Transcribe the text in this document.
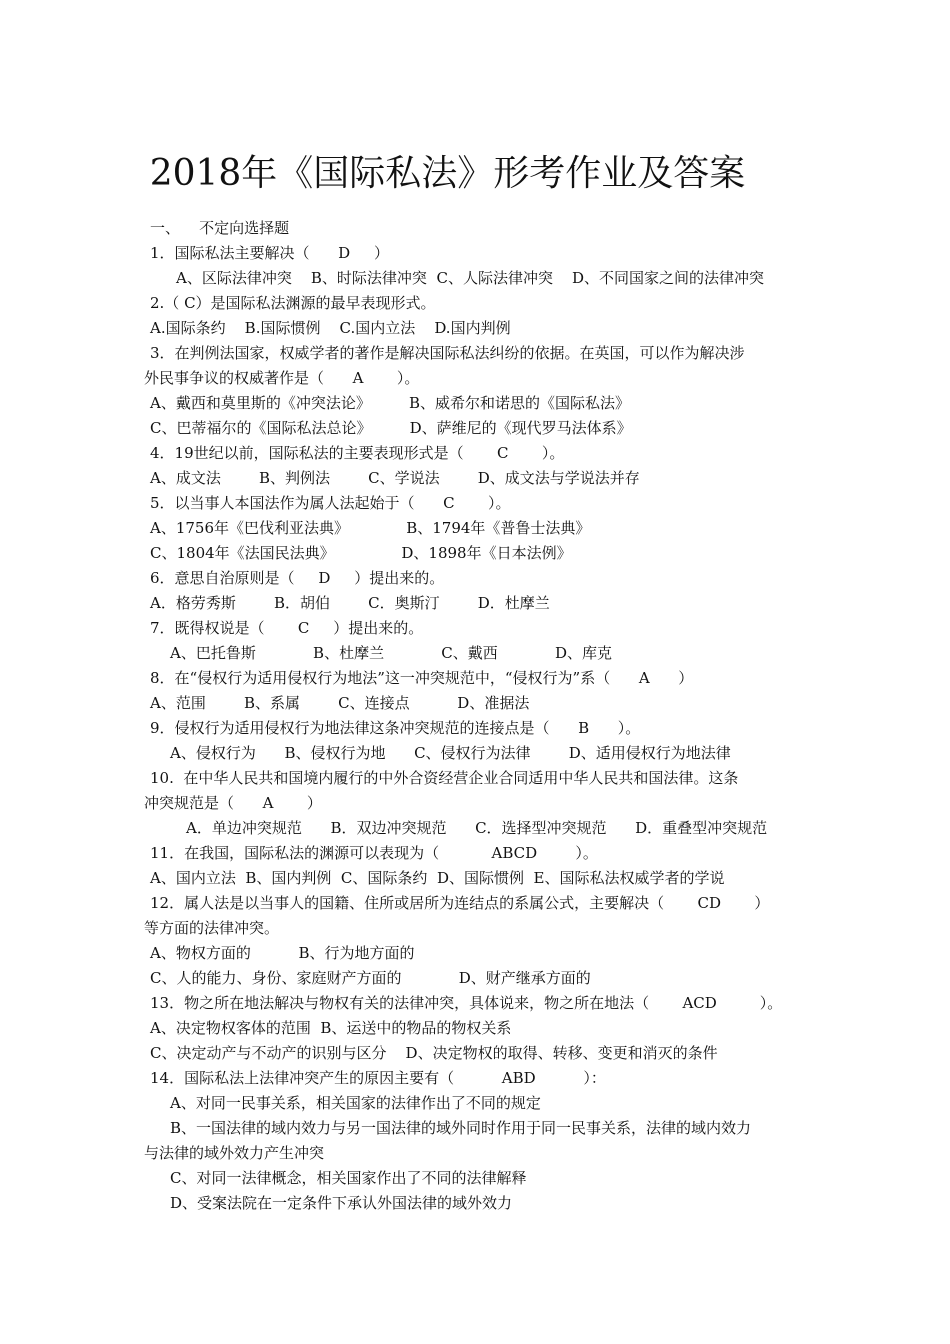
2018年《国际私法》形考作业及答案
一、    不定向选择题
1．国际私法主要解决（      D     ）
A、区际法律冲突    B、时际法律冲突  C、人际法律冲突    D、不同国家之间的法律冲突
2.（ C）是国际私法渊源的最早表现形式。
A.国际条约    B.国际惯例    C.国内立法    D.国内判例
3．在判例法国家，权威学者的著作是解决国际私法纠纷的依据。在英国，可以作为解决涉
外民事争议的权威著作是（      A       ）。
A、戴西和莫里斯的《冲突法论》        B、威希尔和诺思的《国际私法》
C、巴蒂福尔的《国际私法总论》        D、萨维尼的《现代罗马法体系》
4．19世纪以前，国际私法的主要表现形式是（       C       ）。
A、成文法        B、判例法        C、学说法        D、成文法与学说法并存
5．以当事人本国法作为属人法起始于（      C       ）。
A、1756年《巴伐利亚法典》            B、1794年《普鲁士法典》
C、1804年《法国民法典》              D、1898年《日本法例》
6．意思自治原则是（     D     ）提出来的。
A．格劳秀斯        B．胡伯        C．奥斯汀        D．杜摩兰
7．既得权说是（       C     ）提出来的。
A、巴托鲁斯            B、杜摩兰            C、戴西            D、库克
8．在“侵权行为适用侵权行为地法”这一冲突规范中，“侵权行为”系（      A      ）
A、范围        B、系属        C、连接点          D、准据法
9．侵权行为适用侵权行为地法律这条冲突规范的连接点是（      B      ）。
A、侵权行为      B、侵权行为地      C、侵权行为法律        D、适用侵权行为地法律
10.  在中华人民共和国境内履行的中外合资经营企业合同适用中华人民共和国法律。这条
冲突规范是（      A       ）
A．单边冲突规范      B．双边冲突规范      C．选择型冲突规范      D．重叠型冲突规范
11．在我国，国际私法的渊源可以表现为（           ABCD        ）。
A、国内立法  B、国内判例  C、国际条约  D、国际惯例  E、国际私法权威学者的学说
12．属人法是以当事人的国籍、住所或居所为连结点的系属公式，主要解决（       CD       ）
等方面的法律冲突。
A、物权方面的          B、行为地方面的
C、人的能力、身份、家庭财产方面的            D、财产继承方面的
13．物之所在地法解决与物权有关的法律冲突，具体说来，物之所在地法（       ACD         ）。
A、决定物权客体的范围  B、运送中的物品的物权关系
C、决定动产与不动产的识别与区分    D、决定物权的取得、转移、变更和消灭的条件
14．国际私法上法律冲突产生的原因主要有（          ABD          ）：
A、对同一民事关系，相关国家的法律作出了不同的规定
B、一国法律的域内效力与另一国法律的域外同时作用于同一民事关系，法律的域内效力
与法律的域外效力产生冲突
C、对同一法律概念，相关国家作出了不同的法律解释
D、受案法院在一定条件下承认外国法律的域外效力
